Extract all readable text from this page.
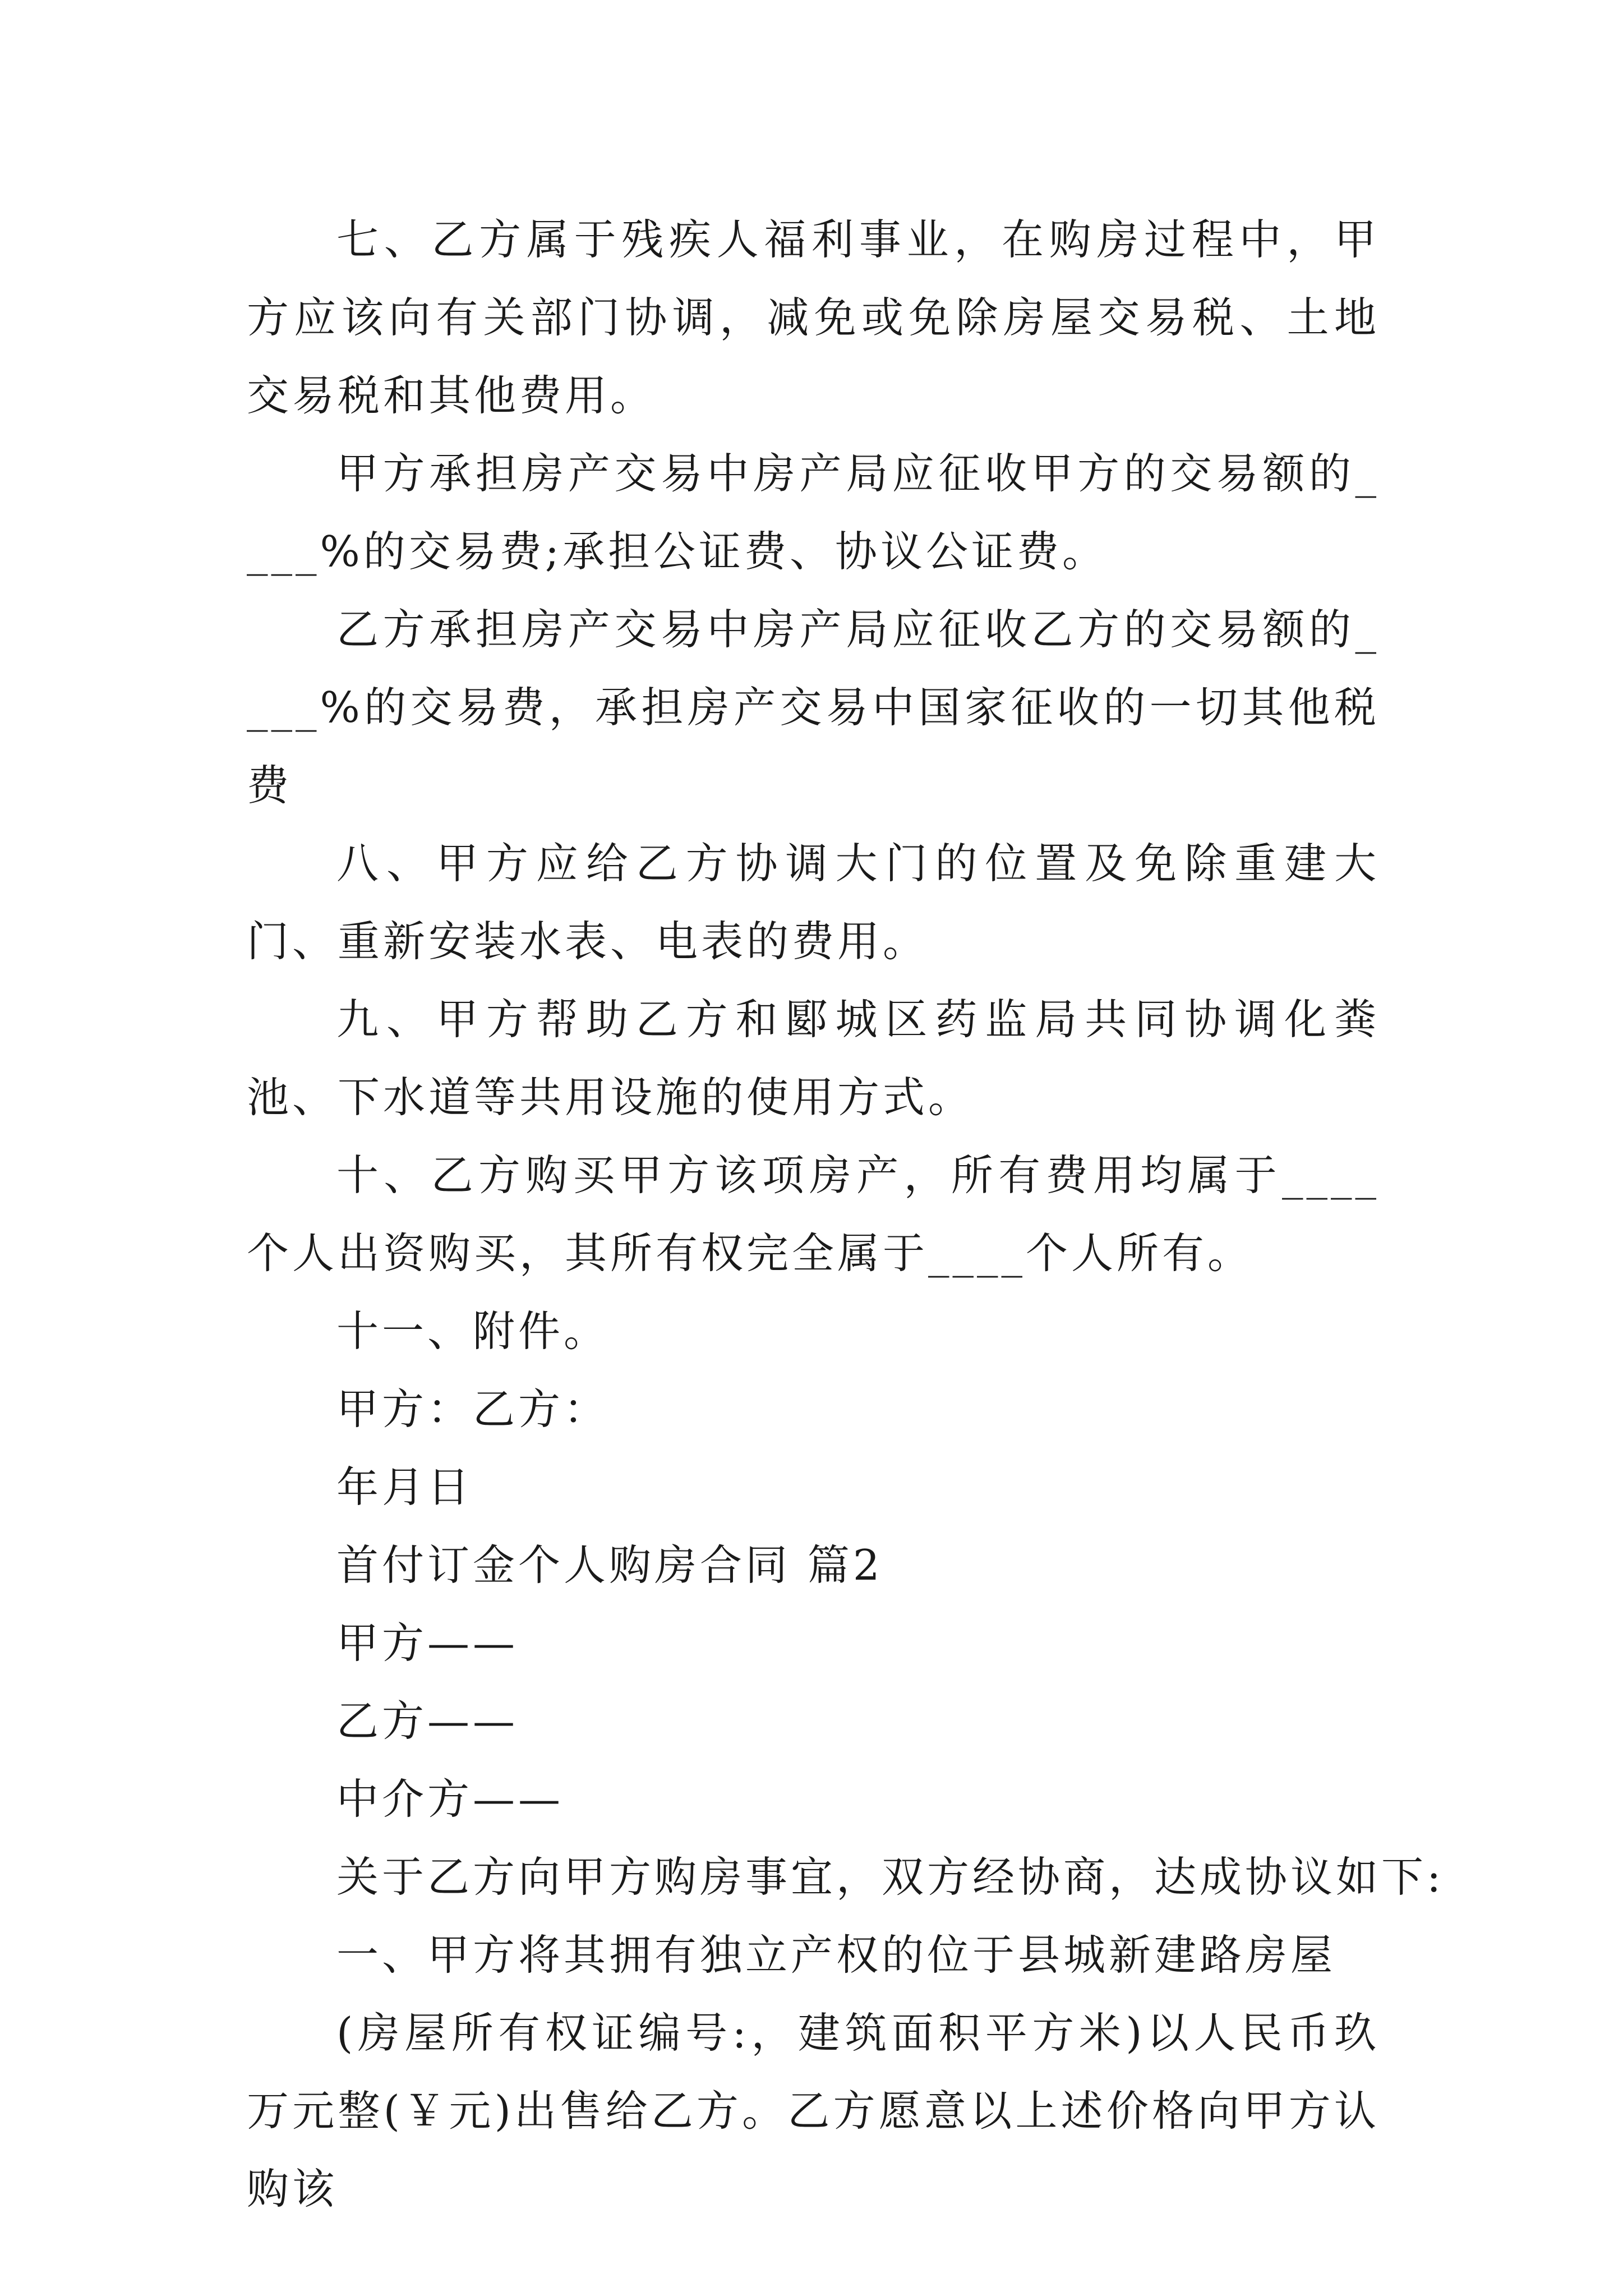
七、乙方属于残疾人福利事业，在购房过程中，甲方应该向有关部门协调，减免或免除房屋交易税、土地交易税和其他费用。

甲方承担房产交易中房产局应征收甲方的交易额的____%的交易费;承担公证费、协议公证费。

乙方承担房产交易中房产局应征收乙方的交易额的____%的交易费，承担房产交易中国家征收的一切其他税费

八、甲方应给乙方协调大门的位置及免除重建大门、重新安装水表、电表的费用。

九、甲方帮助乙方和郾城区药监局共同协调化粪池、下水道等共用设施的使用方式。

十、乙方购买甲方该项房产，所有费用均属于____个人出资购买，其所有权完全属于____个人所有。

十一、附件。

甲方：乙方：

年月日

首付订金个人购房合同 篇2

甲方——

乙方——

中介方——

关于乙方向甲方购房事宜，双方经协商，达成协议如下:

一、甲方将其拥有独立产权的位于县城新建路房屋

(房屋所有权证编号:，建筑面积平方米)以人民币玖万元整(￥元)出售给乙方。乙方愿意以上述价格向甲方认购该
